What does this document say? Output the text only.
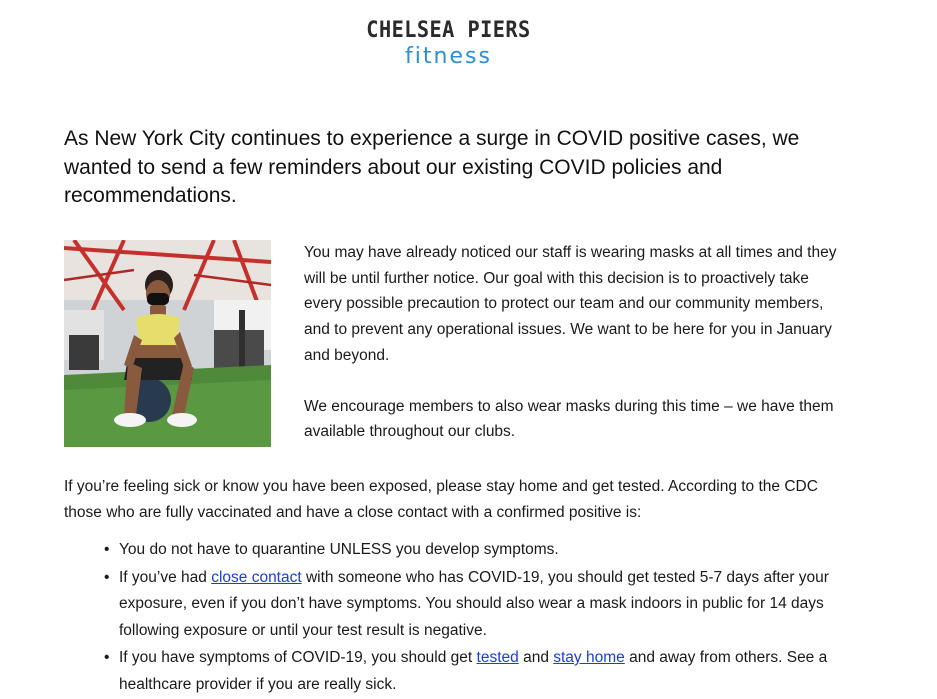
CHELSEA PIERS
fitness
As New York City continues to experience a surge in COVID positive cases, we wanted to send a few reminders about our existing COVID policies and recommendations.

You may have already noticed our staff is wearing masks at all times and they will be until further notice. Our goal with this decision is to proactively take every possible precaution to protect our team and our community members, and to prevent any operational issues. We want to be here for you in January and beyond.

We encourage members to also wear masks during this time – we have them available throughout our clubs.

If you’re feeling sick or know you have been exposed, please stay home and get tested. According to the CDC those who are fully vaccinated and have a close contact with a confirmed positive is:

• You do not have to quarantine UNLESS you develop symptoms.
• If you’ve had close contact with someone who has COVID-19, you should get tested 5-7 days after your exposure, even if you don’t have symptoms. You should also wear a mask indoors in public for 14 days following exposure or until your test result is negative.
• If you have symptoms of COVID-19, you should get tested and stay home and away from others. See a healthcare provider if you are really sick.
